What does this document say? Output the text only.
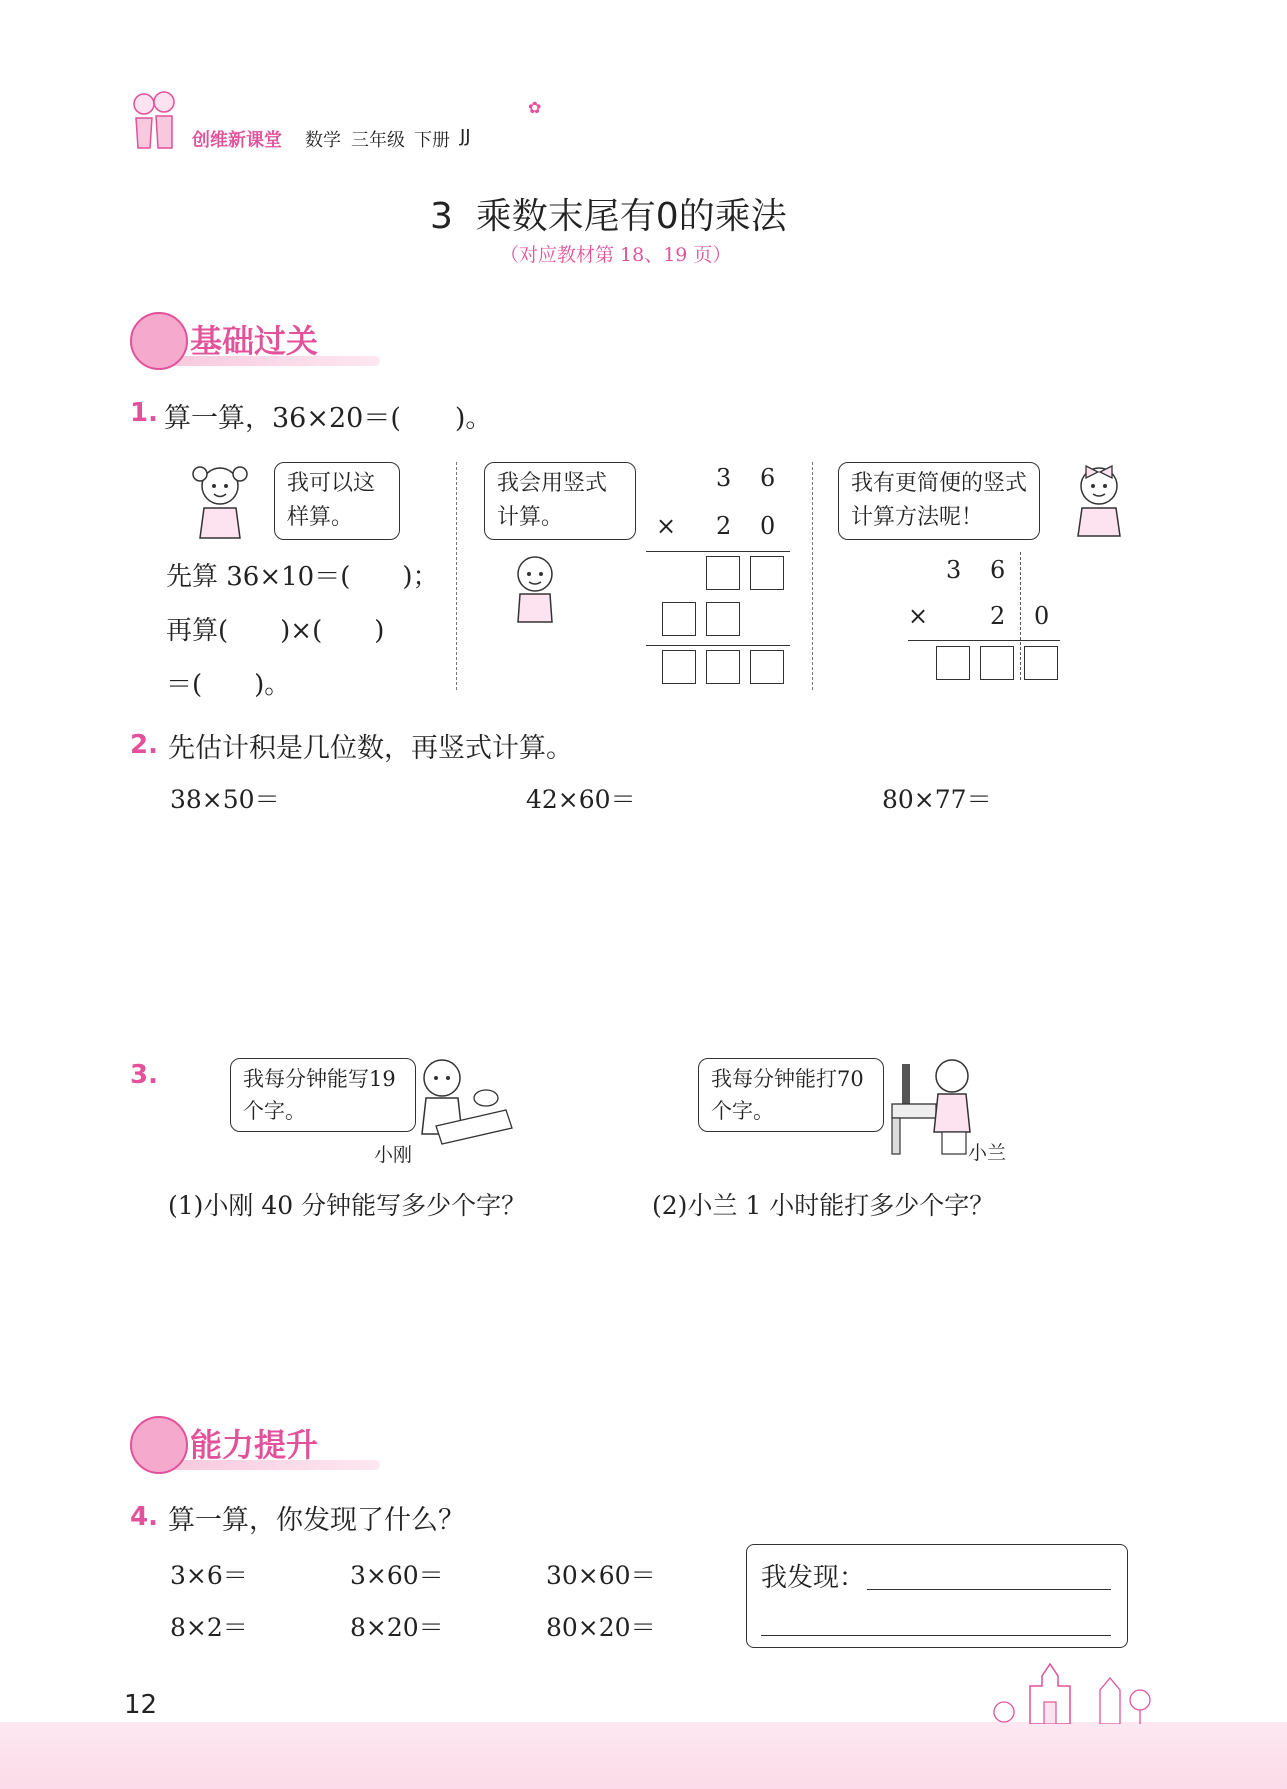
创维新课堂 数学 三年级 下册 JJ
✿
3  乘数末尾有0的乘法
（对应教材第 18、19 页）
基础过关
1. 算一算，36×20＝(　　)。
我可以这样算。
先算 36×10＝(　　)；
再算(　　)×(　　)
＝(　　)。
我会用竖式计算。
3 6
× 2 0
我有更简便的竖式计算方法呢！
3 6
×	2 0
2. 先估计积是几位数，再竖式计算。
38×50＝	42×60＝	80×77＝
3.	我每分钟能写19个字。
小刚
我每分钟能打70个字。
小兰
(1)小刚 40 分钟能写多少个字？	(2)小兰 1 小时能打多少个字？
能力提升
4. 算一算，你发现了什么？
3×6＝	3×60＝	30×60＝
8×2＝	8×20＝	80×20＝
我发现：
12
